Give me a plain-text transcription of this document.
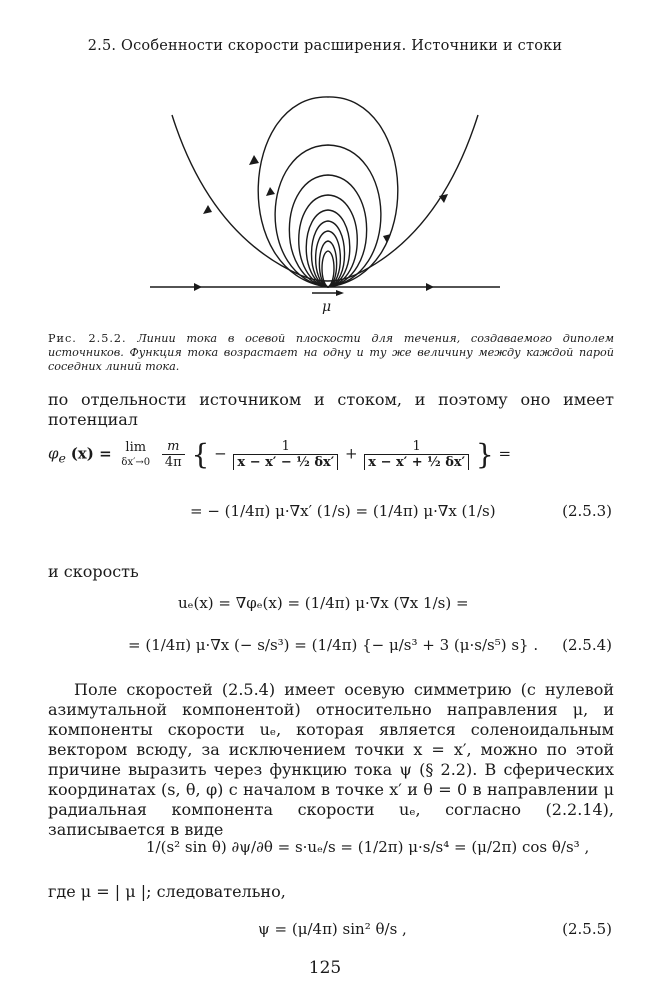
2.5. Особенности скорости расширения. Источники и стоки
μ
Рис. 2.5.2. Линии тока в осевой плоскости для течения, создаваемого диполем источников. Функция тока возрастает на одну и ту же величину между каждой парой соседних линий тока.
по отдельности источником и стоком, и поэтому оно имеет потенциал
$\varphi_e$ (x) =	lim
δx′→0
$\frac{m}{4\pi}$ { − $\frac{1}{\text{x − x′ − ½ δx′}} + \frac{1}{\text{x − x′ + ½ δx′}}$ } =
= − (1/4π) μ·∇x′ (1/s) = (1/4π) μ·∇x (1/s)	(2.5.3)
и скорость
uₑ(x) = ∇φₑ(x) = (1/4π) μ·∇x (∇x 1/s) =
= (1/4π) μ·∇x (− s/s³) = (1/4π) {− μ/s³ + 3 (μ·s/s⁵) s} . (2.5.4)
Поле скоростей (2.5.4) имеет осевую симметрию (с нулевой азимутальной компонентой) относительно направления μ, и компоненты скорости uₑ, которая является соленоидальным вектором всюду, за исключением точки x = x′, можно по этой причине выразить через функцию тока ψ (§ 2.2). В сферических координатах (s, θ, φ) с началом в точке x′ и θ = 0 в направлении μ радиальная компонента скорости uₑ, согласно (2.2.14), записывается в виде
1/(s² sin θ) ∂ψ/∂θ = s·uₑ/s = (1/2π) μ·s/s⁴ = (μ/2π) cos θ/s³ ,
где μ = | μ |; следовательно,
ψ = (μ/4π) sin² θ/s ,	(2.5.5)
125
